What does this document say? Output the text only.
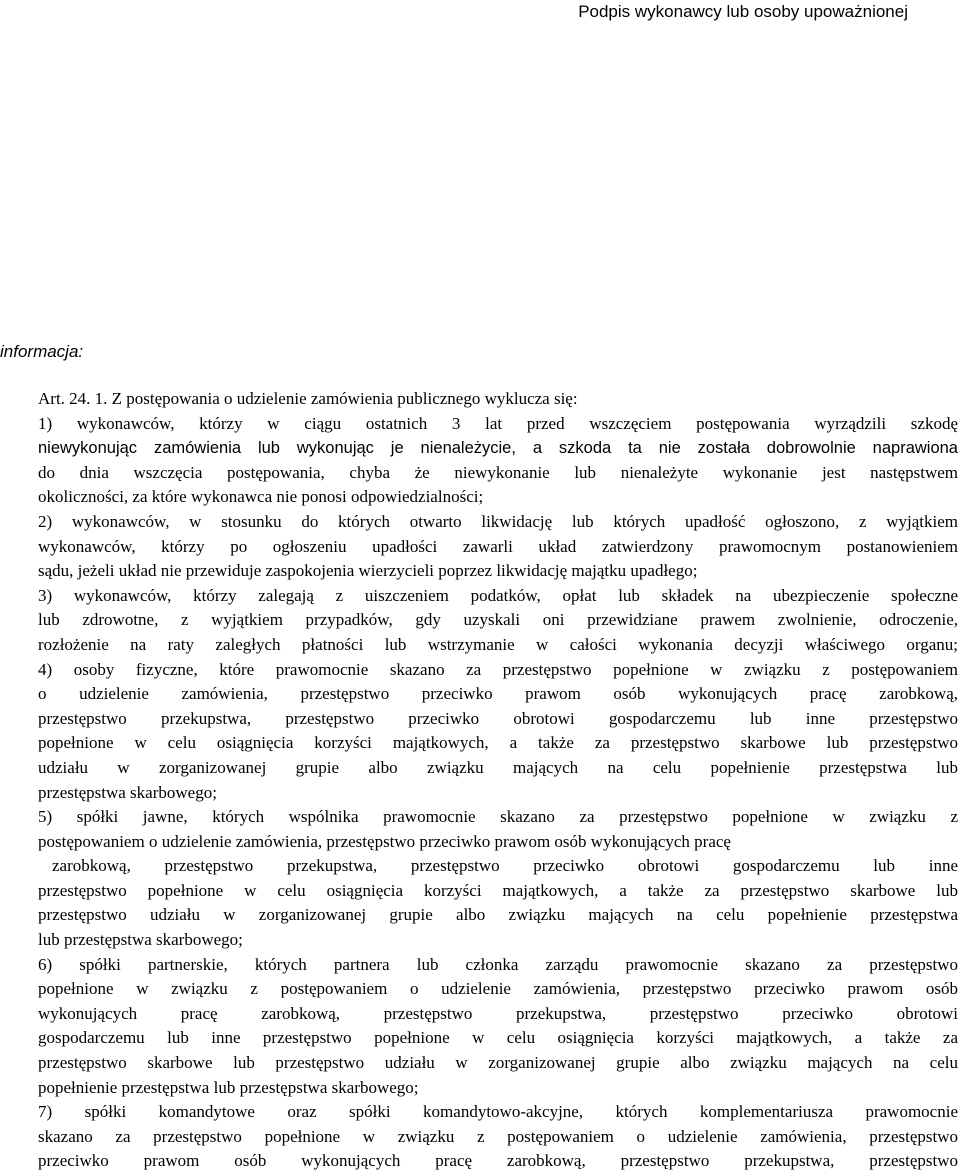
Podpis wykonawcy lub osoby upoważnionej
informacja:
Art. 24. 1. Z postępowania o udzielenie zamówienia publicznego wyklucza się:
1) wykonawców, którzy w ciągu ostatnich 3 lat przed wszczęciem postępowania wyrządzili szkodę
niewykonując zamówienia lub wykonując je nienależycie, a szkoda ta nie została dobrowolnie naprawiona
do dnia wszczęcia postępowania, chyba że niewykonanie lub nienależyte wykonanie jest następstwem
okoliczności, za które wykonawca nie ponosi odpowiedzialności;
2) wykonawców, w stosunku do których otwarto likwidację lub których upadłość ogłoszono, z wyjątkiem
wykonawców, którzy po ogłoszeniu upadłości zawarli układ zatwierdzony prawomocnym postanowieniem
sądu, jeżeli układ nie przewiduje zaspokojenia wierzycieli poprzez likwidację majątku upadłego;
3) wykonawców, którzy zalegają z uiszczeniem podatków, opłat lub składek na ubezpieczenie społeczne
lub zdrowotne, z wyjątkiem przypadków, gdy uzyskali oni przewidziane prawem zwolnienie, odroczenie,
rozłożenie na raty zaległych płatności lub wstrzymanie w całości wykonania decyzji właściwego organu;
4) osoby fizyczne, które prawomocnie skazano za przestępstwo popełnione w związku z postępowaniem
o udzielenie zamówienia, przestępstwo przeciwko prawom osób wykonujących pracę zarobkową,
przestępstwo przekupstwa, przestępstwo przeciwko obrotowi gospodarczemu lub inne przestępstwo
popełnione w celu osiągnięcia korzyści majątkowych, a także za przestępstwo skarbowe lub przestępstwo
udziału w zorganizowanej grupie albo związku mających na celu popełnienie przestępstwa lub
przestępstwa skarbowego;
5) spółki jawne, których wspólnika prawomocnie skazano za przestępstwo popełnione w związku z
postępowaniem o udzielenie zamówienia, przestępstwo przeciwko prawom osób wykonujących pracę
zarobkową, przestępstwo przekupstwa, przestępstwo przeciwko obrotowi gospodarczemu lub inne
przestępstwo popełnione w celu osiągnięcia korzyści majątkowych, a także za przestępstwo skarbowe lub
przestępstwo udziału w zorganizowanej grupie albo związku mających na celu popełnienie przestępstwa
lub przestępstwa skarbowego;
6) spółki partnerskie, których partnera lub członka zarządu prawomocnie skazano za przestępstwo
popełnione w związku z postępowaniem o udzielenie zamówienia, przestępstwo przeciwko prawom osób
wykonujących pracę zarobkową, przestępstwo przekupstwa, przestępstwo przeciwko obrotowi
gospodarczemu lub inne przestępstwo popełnione w celu osiągnięcia korzyści majątkowych, a także za
przestępstwo skarbowe lub przestępstwo udziału w zorganizowanej grupie albo związku mających na celu
popełnienie przestępstwa lub przestępstwa skarbowego;
7) spółki komandytowe oraz spółki komandytowo-akcyjne, których komplementariusza prawomocnie
skazano za przestępstwo popełnione w związku z postępowaniem o udzielenie zamówienia, przestępstwo
przeciwko prawom osób wykonujących pracę zarobkową, przestępstwo przekupstwa, przestępstwo
